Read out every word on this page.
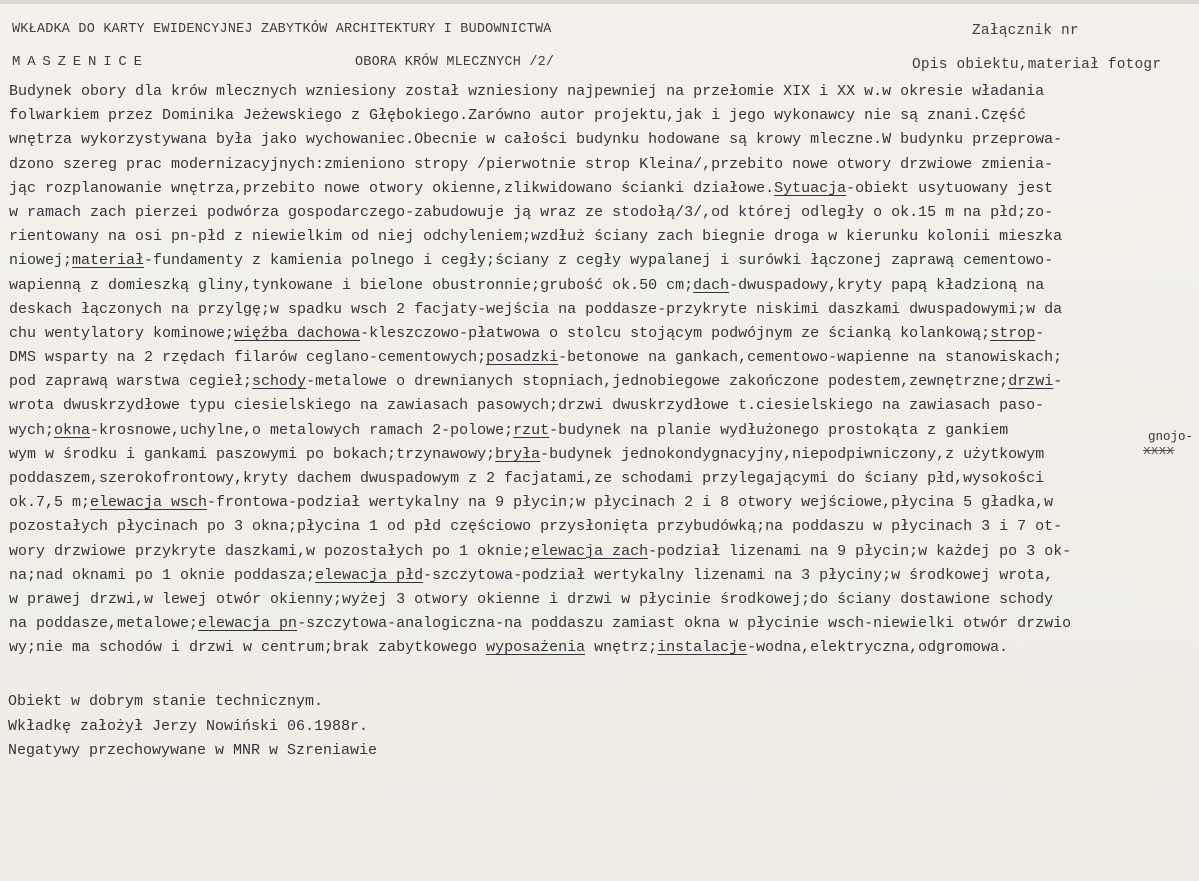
WKŁADKA DO KARTY EWIDENCYJNEJ ZABYTKÓW ARCHITEKTURY I BUDOWNICTWA	Załącznik nr
MASZENICE	OBORA KRÓW MLECZNYCH /2/	Opis obiektu,materiał fotogr
Budynek obory dla krów mlecznych wzniesiony został wzniesiony najpewniej na przełomie XIX i XX w.w okresie władania
folwarkiem przez Dominika Jeżewskiego z Głębokiego.Zarówno autor projektu,jak i jego wykonawcy nie są znani.Część
wnętrza wykorzystywana była jako wychowaniec.Obecnie w całości budynku hodowane są krowy mleczne.W budynku przeprowa-
dzono szereg prac modernizacyjnych:zmieniono stropy /pierwotnie strop Kleina/,przebito nowe otwory drzwiowe zmienia-
jąc rozplanowanie wnętrza,przebito nowe otwory okienne,zlikwidowano ścianki działowe.Sytuacja-obiekt usytuowany jest
w ramach zach pierzei podwórza gospodarczego-zabudowuje ją wraz ze stodołą/3/,od której odległy o ok.15 m na płd;zo-
rientowany na osi pn-płd z niewielkim od niej odchyleniem;wzdłuż ściany zach biegnie droga w kierunku kolonii mieszka
niowej;materiał-fundamenty z kamienia polnego i cegły;ściany z cegły wypalanej i surówki łączonej zaprawą cementowo-
wapienną z domieszką gliny,tynkowane i bielone obustronnie;grubość ok.50 cm;dach-dwuspadowy,kryty papą kładzioną na
deskach łączonych na przylgę;w spadku wsch 2 facjaty-wejścia na poddasze-przykryte niskimi daszkami dwuspadowymi;w da
chu wentylatory kominowe;więźba dachowa-kleszczowo-płatwowa o stolcu stojącym podwójnym ze ścianką kolankową;strop-
DMS wsparty na 2 rzędach filarów ceglano-cementowych;posadzki-betonowe na gankach,cementowo-wapienne na stanowiskach;
pod zaprawą warstwa cegieł;schody-metalowe o drewnianych stopniach,jednobiegowe zakończone podestem,zewnętrzne;drzwi-
wrota dwuskrzydłowe typu ciesielskiego na zawiasach pasowych;drzwi dwuskrzydłowe t.ciesielskiego na zawiasach paso-
wych;okna-krosnowe,uchylne,o metalowych ramach 2-polowe;rzut-budynek na planie wydłużonego prostokąta z gankiem
wym w środku i gankami paszowymi po bokach;trzynawowy;bryła-budynek jednokondygnacyjny,niepodpiwniczony,z użytkowym
poddaszem,szerokofrontowy,kryty dachem dwuspadowym z 2 facjatami,ze schodami przylegającymi do ściany płd,wysokości
ok.7,5 m;elewacja wsch-frontowa-podział wertykalny na 9 płycin;w płycinach 2 i 8 otwory wejściowe,płycina 5 gładka,w
pozostałych płycinach po 3 okna;płycina 1 od płd częściowo przysłonięta przybudówką;na poddaszu w płycinach 3 i 7 ot-
wory drzwiowe przykryte daszkami,w pozostałych po 1 oknie;elewacja zach-podział lizenami na 9 płycin;w każdej po 3 ok-
na;nad oknami po 1 oknie poddasza;elewacja płd-szczytowa-podział wertykalny lizenami na 3 płyciny;w środkowej wrota,
w prawej drzwi,w lewej otwór okienny;wyżej 3 otwory okienne i drzwi w płycinie środkowej;do ściany dostawione schody
na poddasze,metalowe;elewacja pn-szczytowa-analogiczna-na poddaszu zamiast okna w płycinie wsch-niewielki otwór drzwio
wy;nie ma schodów i drzwi w centrum;brak zabytkowego wyposażenia wnętrz;instalacje-wodna,elektryczna,odgromowa.
gnojo-
xxxx
Obiekt w dobrym stanie technicznym.
Wkładkę założył Jerzy Nowiński 06.1988r.
Negatywy przechowywane w MNR w Szreniawie
